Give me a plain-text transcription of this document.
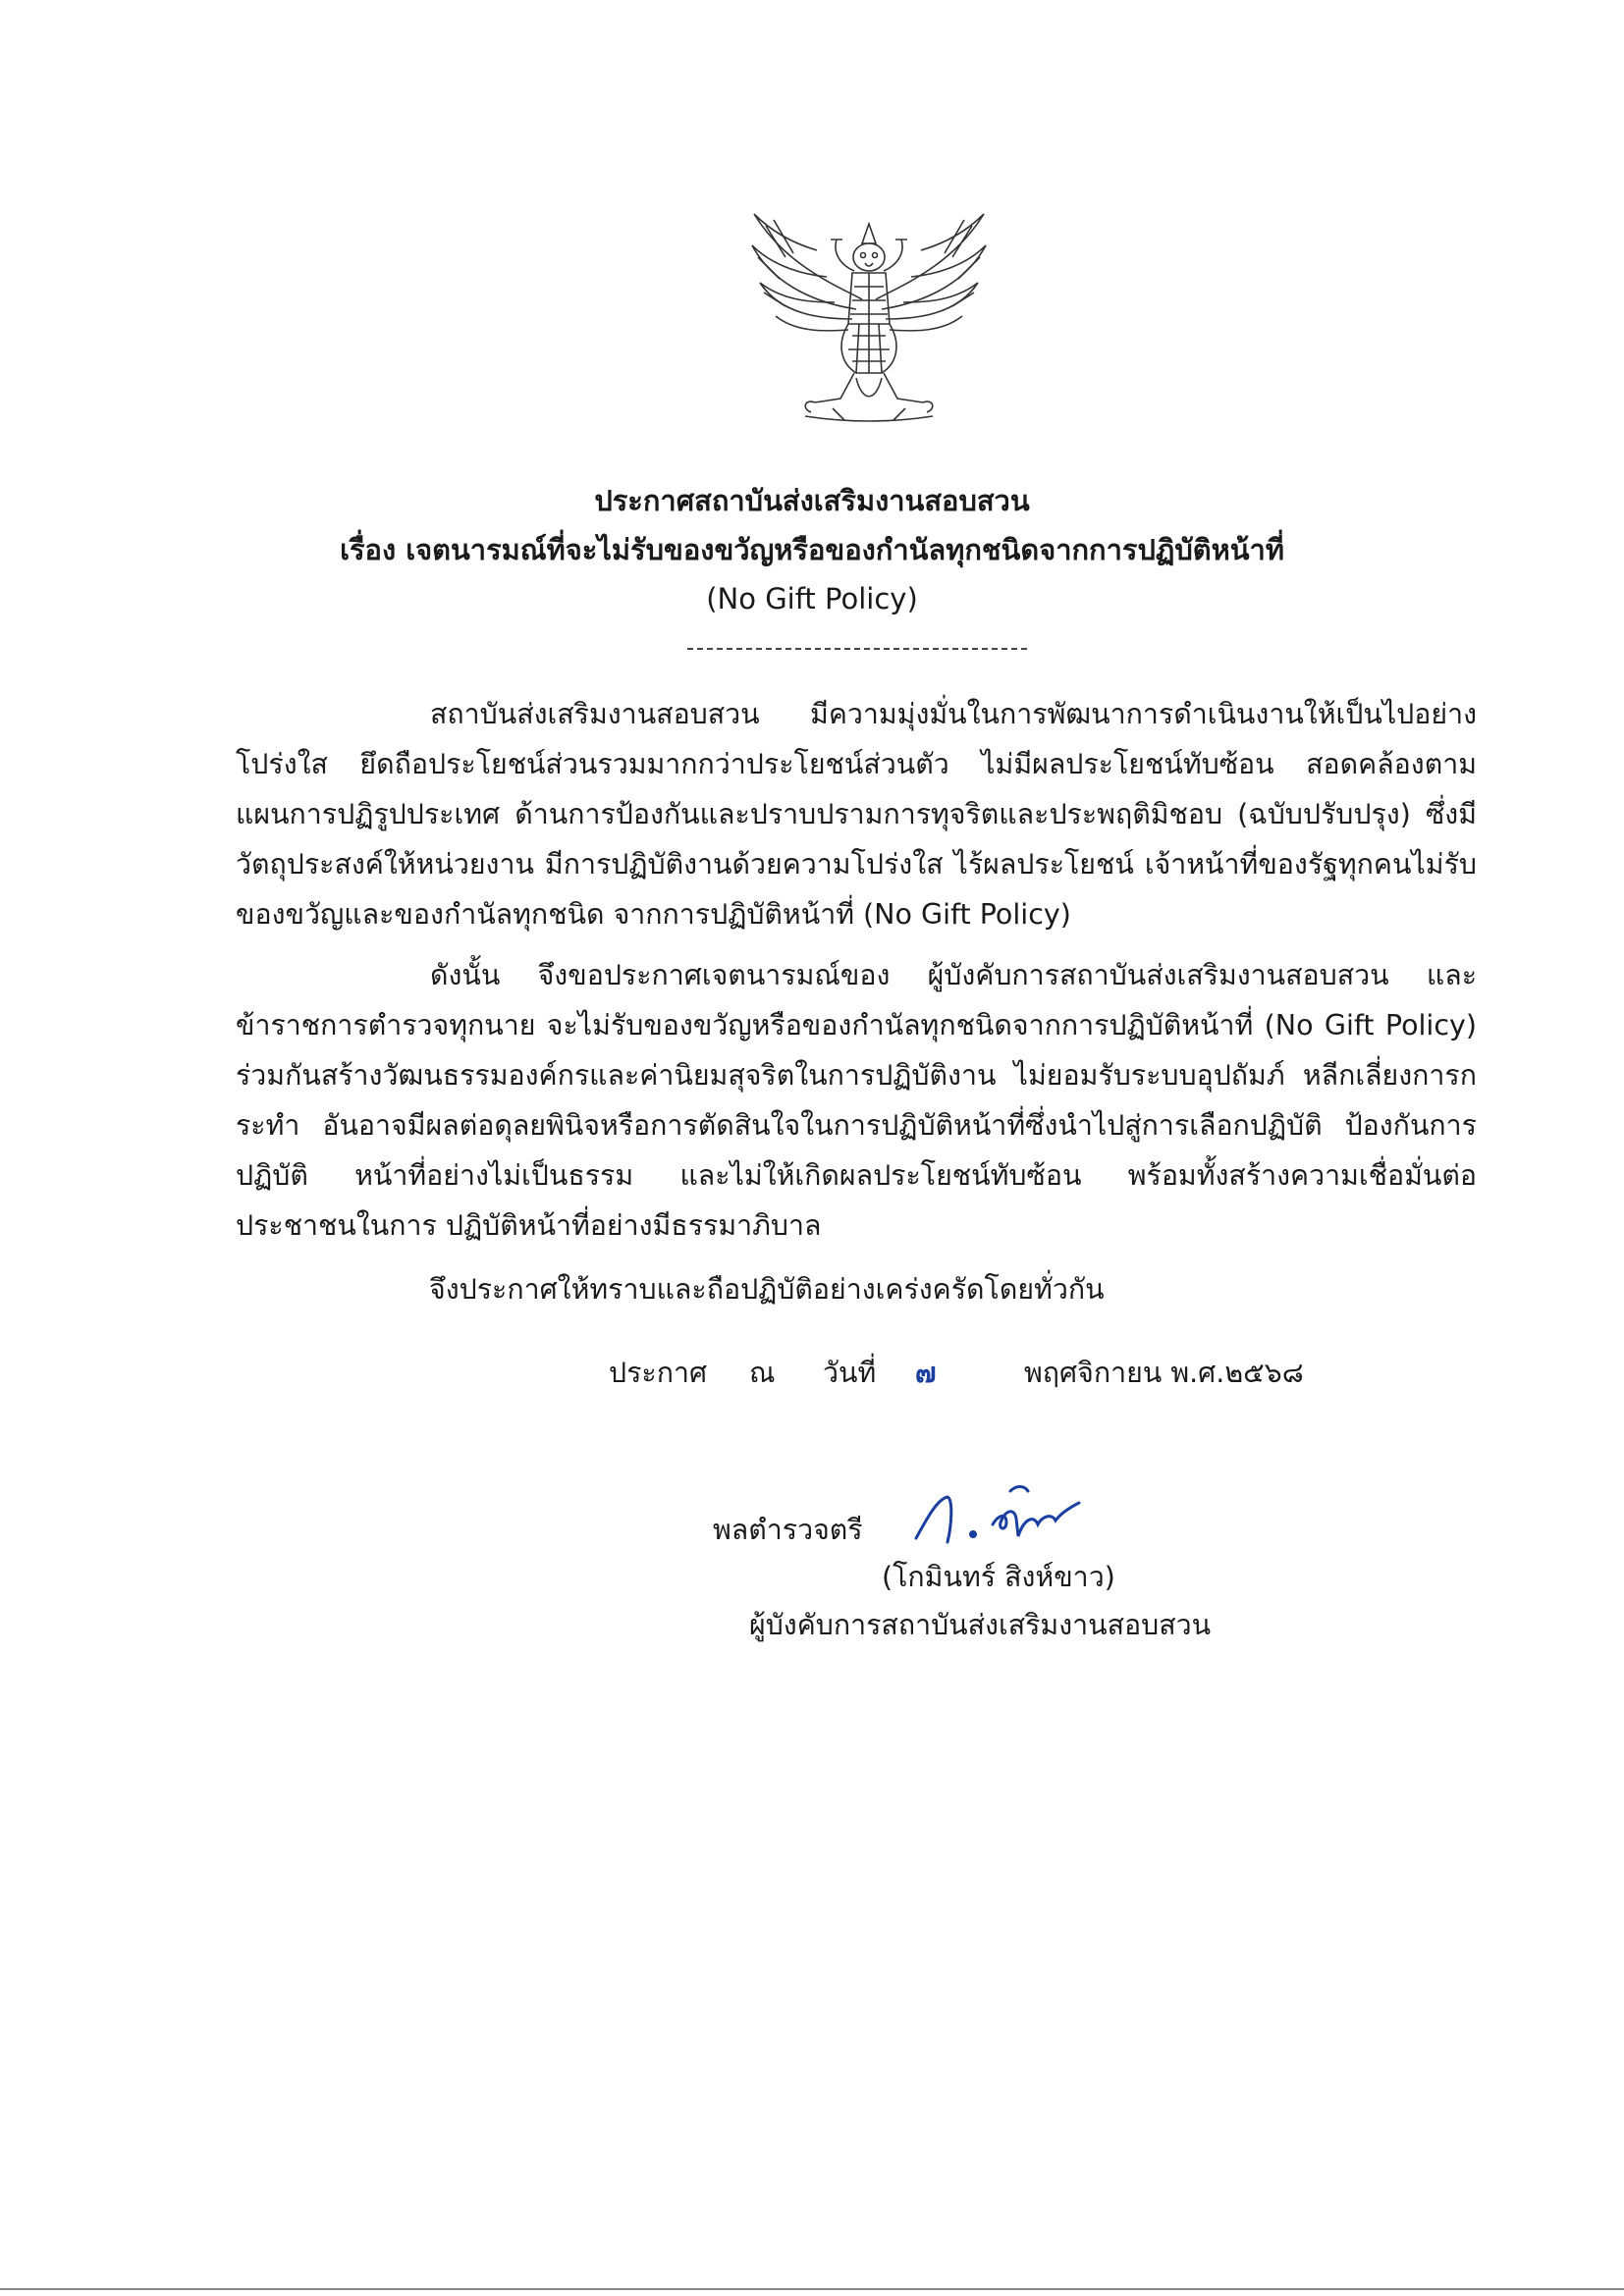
ประกาศสถาบันส่งเสริมงานสอบสวน
เรื่อง เจตนารมณ์ที่จะไม่รับของขวัญหรือของกำนัลทุกชนิดจากการปฏิบัติหน้าที่
(No Gift Policy)
สถาบันส่งเสริมงานสอบสวน มีความมุ่งมั่นในการพัฒนาการดำเนินงานให้เป็นไปอย่างโปร่งใส ยึดถือประโยชน์ส่วนรวมมากกว่าประโยชน์ส่วนตัว ไม่มีผลประโยชน์ทับซ้อน สอดคล้องตามแผนการปฏิรูปประเทศ ด้านการป้องกันและปราบปรามการทุจริตและประพฤติมิชอบ (ฉบับปรับปรุง) ซึ่งมีวัตถุประสงค์ให้หน่วยงาน มีการปฏิบัติงานด้วยความโปร่งใส ไร้ผลประโยชน์ เจ้าหน้าที่ของรัฐทุกคนไม่รับของขวัญและของกำนัลทุกชนิด จากการปฏิบัติหน้าที่ (No Gift Policy)
ดังนั้น จึงขอประกาศเจตนารมณ์ของ ผู้บังคับการสถาบันส่งเสริมงานสอบสวน และ ข้าราชการตำรวจทุกนาย จะไม่รับของขวัญหรือของกำนัลทุกชนิดจากการปฏิบัติหน้าที่ (No Gift Policy) ร่วมกันสร้างวัฒนธรรมองค์กรและค่านิยมสุจริตในการปฏิบัติงาน ไม่ยอมรับระบบอุปถัมภ์ หลีกเลี่ยงการกระทำ อันอาจมีผลต่อดุลยพินิจหรือการตัดสินใจในการปฏิบัติหน้าที่ซึ่งนำไปสู่การเลือกปฏิบัติ ป้องกันการปฏิบัติ หน้าที่อย่างไม่เป็นธรรม และไม่ให้เกิดผลประโยชน์ทับซ้อน พร้อมทั้งสร้างความเชื่อมั่นต่อประชาชนในการ ปฏิบัติหน้าที่อย่างมีธรรมาภิบาล
จึงประกาศให้ทราบและถือปฏิบัติอย่างเคร่งครัดโดยทั่วกัน
ประกาศ ณ วันที่ ๗	พฤศจิกายน พ.ศ.๒๕๖๘
พลตำรวจตรี
(โกมินทร์ สิงห์ขาว)
ผู้บังคับการสถาบันส่งเสริมงานสอบสวน
